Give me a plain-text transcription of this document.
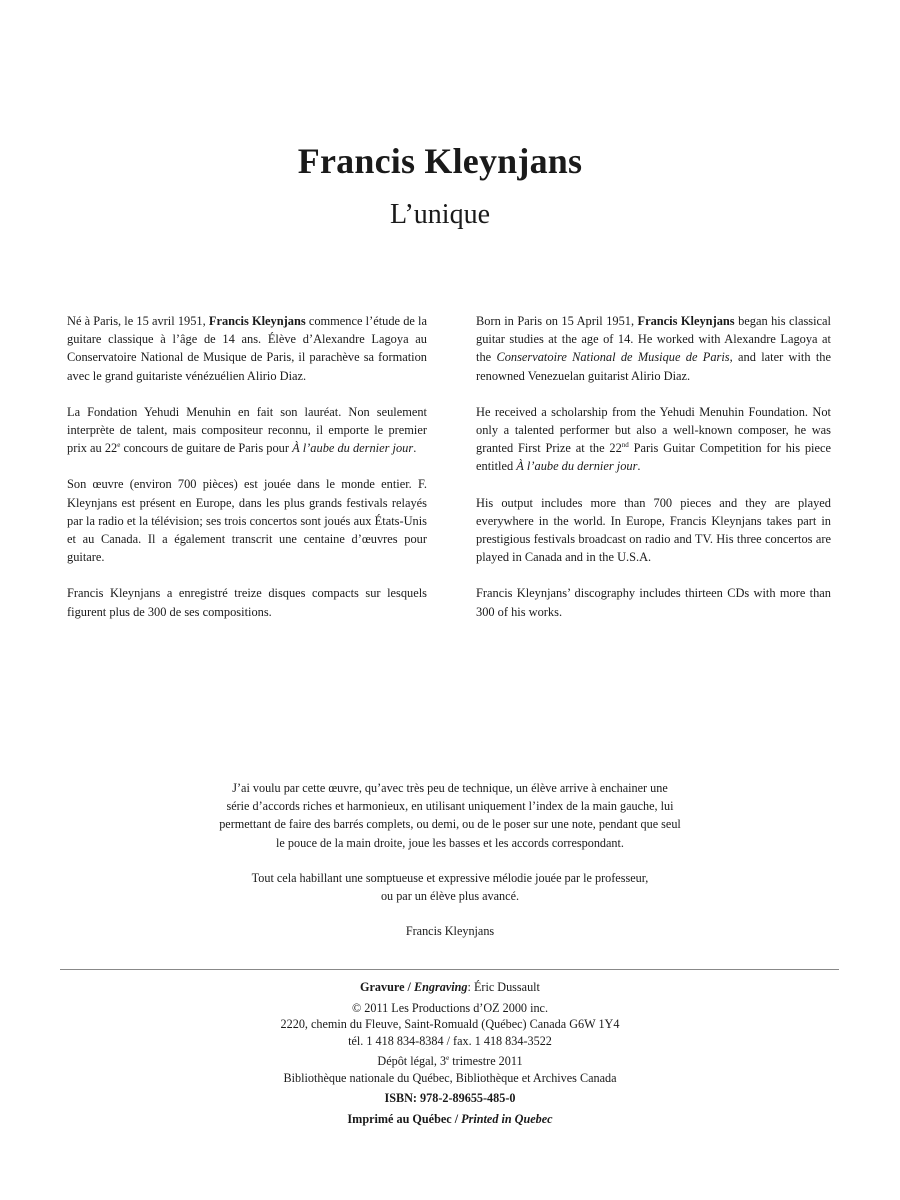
Francis Kleynjans
L’unique

Né à Paris, le 15 avril 1951, Francis Kleynjans commence l’étude de la guitare classique à l’âge de 14 ans. Élève d’Alexandre Lagoya au Conservatoire National de Musique de Paris, il parachève sa formation avec le grand guitariste vénézuélien Alirio Diaz.

La Fondation Yehudi Menuhin en fait son lauréat. Non seulement interprète de talent, mais compositeur reconnu, il emporte le premier prix au 22e concours de guitare de Paris pour À l’aube du dernier jour.

Son œuvre (environ 700 pièces) est jouée dans le monde entier. F. Kleynjans est présent en Europe, dans les plus grands festivals relayés par la radio et la télévision; ses trois concertos sont joués aux États-Unis et au Canada. Il a également transcrit une centaine d’œuvres pour guitare.

Francis Kleynjans a enregistré treize disques compacts sur lesquels figurent plus de 300 de ses compositions.

Born in Paris on 15 April 1951, Francis Kleynjans began his classical guitar studies at the age of 14. He worked with Alexandre Lagoya at the Conservatoire National de Musique de Paris, and later with the renowned Venezuelan guitarist Alirio Diaz.

He received a scholarship from the Yehudi Menuhin Foundation. Not only a talented performer but also a well-known composer, he was granted First Prize at the 22nd Paris Guitar Competition for his piece entitled À l’aube du dernier jour.

His output includes more than 700 pieces and they are played everywhere in the world. In Europe, Francis Kleynjans takes part in prestigious festivals broadcast on radio and TV. His three concertos are played in Canada and in the U.S.A.

Francis Kleynjans’ discography includes thirteen CDs with more than 300 of his works.

J’ai voulu par cette œuvre, qu’avec très peu de technique, un élève arrive à enchainer une
série d’accords riches et harmonieux, en utilisant uniquement l’index de la main gauche, lui
permettant de faire des barrés complets, ou demi, ou de le poser sur une note, pendant que seul
le pouce de la main droite, joue les basses et les accords correspondant.

Tout cela habillant une somptueuse et expressive mélodie jouée par le professeur,
ou par un élève plus avancé.

Francis Kleynjans

Gravure / Engraving: Éric Dussault
© 2011 Les Productions d’OZ 2000 inc.
2220, chemin du Fleuve, Saint-Romuald (Québec) Canada G6W 1Y4
tél. 1 418 834-8384 / fax. 1 418 834-3522
Dépôt légal, 3e trimestre 2011
Bibliothèque nationale du Québec, Bibliothèque et Archives Canada
ISBN: 978-2-89655-485-0
Imprimé au Québec / Printed in Quebec
